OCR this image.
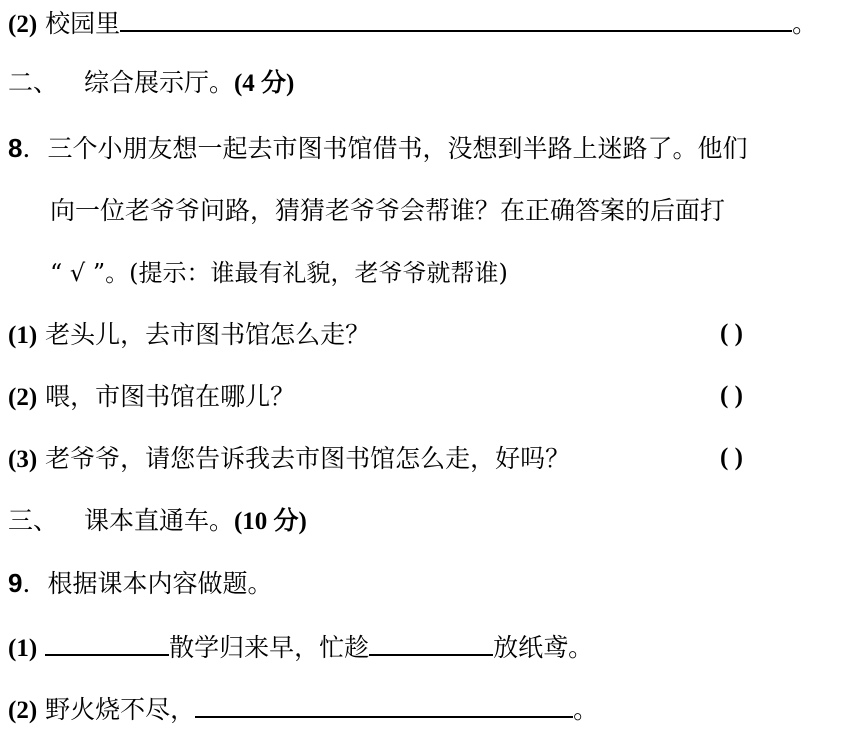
(2) 校园里	。
二、 综合展示厅。(4 分)
8．三个小朋友想一起去市图书馆借书，没想到半路上迷路了。他们
向一位老爷爷问路，猜猜老爷爷会帮谁？在正确答案的后面打
“ √ ”。(提示：谁最有礼貌，老爷爷就帮谁)
(1) 老头儿，去市图书馆怎么走？	( )
(2) 喂，市图书馆在哪儿？	( )
(3) 老爷爷，请您告诉我去市图书馆怎么走，好吗？	( )
三、 课本直通车。(10 分)
9．根据课本内容做题。
(1)	散学归来早，忙趁	放纸鸢。
(2) 野火烧不尽，	。
